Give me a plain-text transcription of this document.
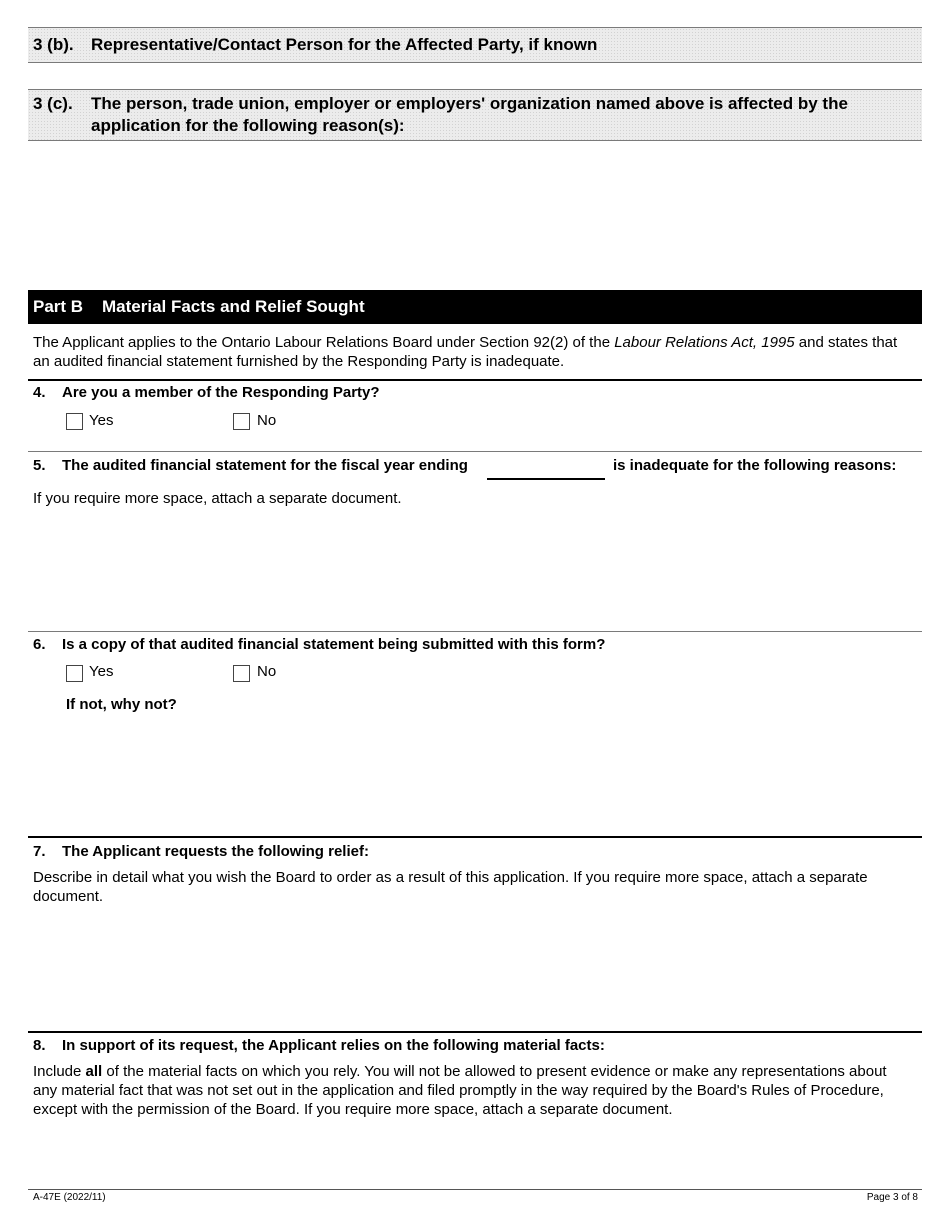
3 (b). Representative/Contact Person for the Affected Party, if known
3 (c). The person, trade union, employer or employers' organization named above is affected by the
application for the following reason(s):
Part B Material Facts and Relief Sought
The Applicant applies to the Ontario Labour Relations Board under Section 92(2) of the Labour Relations Act, 1995 and states that an audited financial statement furnished by the Responding Party is inadequate.
4. Are you a member of the Responding Party?
Yes	No
5. The audited financial statement for the fiscal year ending	is inadequate for the following reasons:
If you require more space, attach a separate document.
6. Is a copy of that audited financial statement being submitted with this form?
Yes	No
If not, why not?
7. The Applicant requests the following relief:
Describe in detail what you wish the Board to order as a result of this application. If you require more space, attach a separate document.
8. In support of its request, the Applicant relies on the following material facts:
Include all of the material facts on which you rely. You will not be allowed to present evidence or make any representations about any material fact that was not set out in the application and filed promptly in the way required by the Board's Rules of Procedure, except with the permission of the Board. If you require more space, attach a separate document.
A-47E (2022/11)	Page 3 of 8
